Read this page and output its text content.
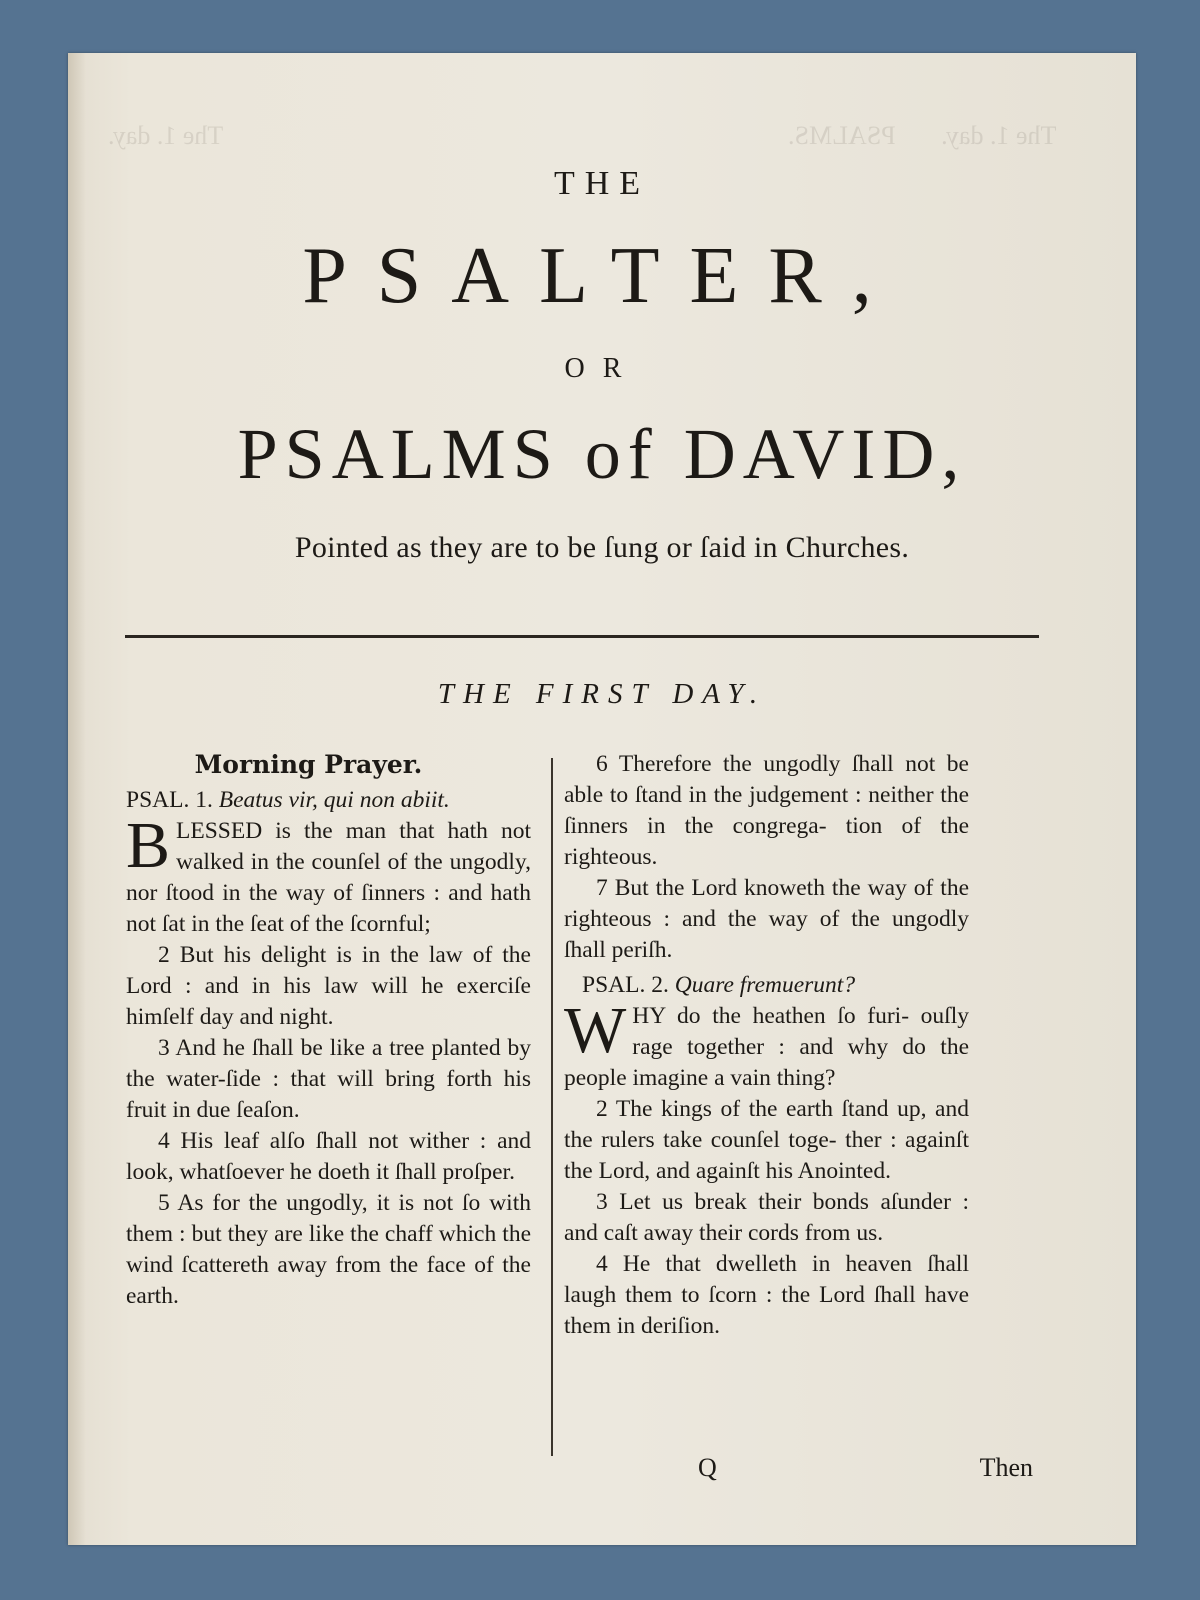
The 1. day.       PSALMS.
The 1. day.
THE
PSALTER,
OR
PSALMS of DAVID,
Pointed as they are to be ſung or ſaid in Churches.
THE FIRST DAY.

Morning Prayer.

PSAL. 1. Beatus vir, qui non abiit.

BLESSED is the man that hath not walked in the counſel of the ungodly, nor ſtood in the way of ſinners : and hath not ſat in the ſeat of the ſcornful;

2 But his delight is in the law of the Lord : and in his law will he exerciſe himſelf day and night.

3 And he ſhall be like a tree planted by the water-ſide : that will bring forth his fruit in due ſeaſon.

4 His leaf alſo ſhall not wither : and look, whatſoever he doeth it ſhall proſper.

5 As for the ungodly, it is not ſo with them : but they are like the chaff which the wind ſcattereth away from the face of the earth.

6 Therefore the ungodly ſhall not be able to ſtand in the judgement : neither the ſinners in the congrega- tion of the righteous.

7 But the Lord knoweth the way of the righteous : and the way of the ungodly ſhall periſh.

PSAL. 2. Quare fremuerunt?

WHY do the heathen ſo furi- ouſly rage together : and why do the people imagine a vain thing?

2 The kings of the earth ſtand up, and the rulers take counſel toge- ther : againſt the Lord, and againſt his Anointed.

3 Let us break their bonds aſunder : and caſt away their cords from us.

4 He that dwelleth in heaven ſhall laugh them to ſcorn : the Lord ſhall have them in deriſion.

Q	Then
